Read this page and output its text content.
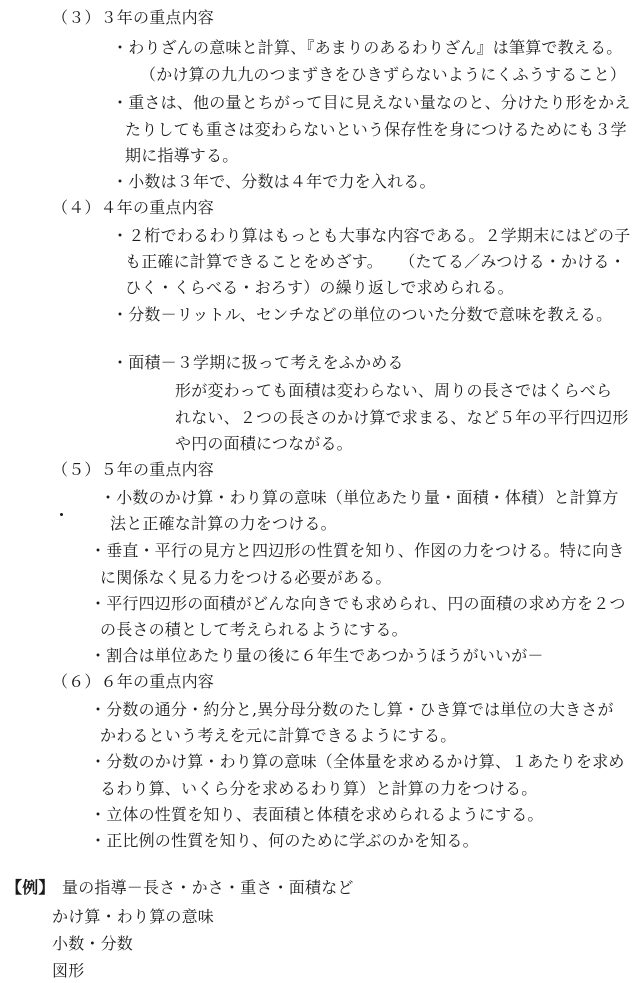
（３）３年の重点内容
・わりざんの意味と計算、『あまりのあるわりざん』は筆算で教える。
（かけ算の九九のつまずきをひきずらないようにくふうすること）
・重さは、他の量とちがって目に見えない量なのと、分けたり形をかえ
たりしても重さは変わらないという保存性を身につけるためにも３学
期に指導する。
・小数は３年で、分数は４年で力を入れる。
（４）４年の重点内容
・２桁でわるわり算はもっとも大事な内容である。２学期末にはどの子
も正確に計算できることをめざす。　　（たてる／みつける・かける・
ひく・くらべる・おろす）の繰り返しで求められる。
・分数－リットル、センチなどの単位のついた分数で意味を教える。
・面積－３学期に扱って考えをふかめる
形が変わっても面積は変わらない、周りの長さではくらべら
れない、２つの長さのかけ算で求まる、など５年の平行四辺形
や円の面積につながる。
（５）５年の重点内容
・小数のかけ算・わり算の意味（単位あたり量・面積・体積）と計算方
法と正確な計算の力をつける。
・垂直・平行の見方と四辺形の性質を知り、作図の力をつける。特に向き
に関係なく見る力をつける必要がある。
・平行四辺形の面積がどんな向きでも求められ、円の面積の求め方を２つ
の長さの積として考えられるようにする。
・割合は単位あたり量の後に６年生であつかうほうがいいが－
（６）６年の重点内容
・分数の通分・約分と,異分母分数のたし算・ひき算では単位の大きさが
かわるという考えを元に計算できるようにする。
・分数のかけ算・わり算の意味（全体量を求めるかけ算、１あたりを求め
るわり算、いくら分を求めるわり算）と計算の力をつける。
・立体の性質を知り、表面積と体積を求められるようにする。
・正比例の性質を知り、何のために学ぶのかを知る。
【例】 量の指導－長さ・かさ・重さ・面積など
かけ算・わり算の意味
小数・分数
図形
